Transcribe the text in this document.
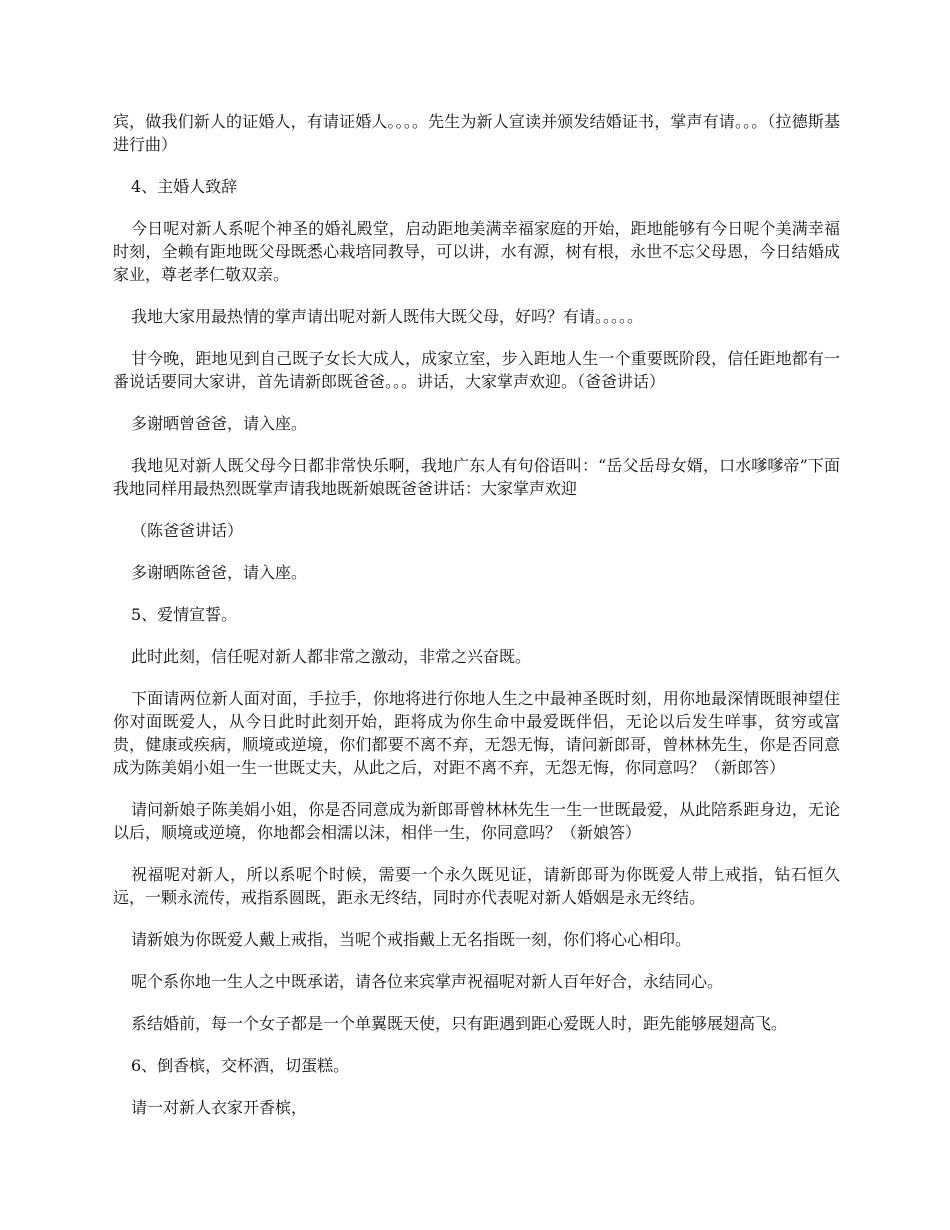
宾，做我们新人的证婚人，有请证婚人。。。。先生为新人宣读并颁发结婚证书，掌声有请。。。（拉德斯基进行曲）

4、主婚人致辞

今日呢对新人系呢个神圣的婚礼殿堂，启动距地美满幸福家庭的开始，距地能够有今日呢个美满幸福时刻，全赖有距地既父母既悉心栽培同教导，可以讲，水有源，树有根，永世不忘父母恩，今日结婚成家业，尊老孝仁敬双亲。

我地大家用最热情的掌声请出呢对新人既伟大既父母，好吗？有请。。。。。

甘今晚，距地见到自己既子女长大成人，成家立室，步入距地人生一个重要既阶段，信任距地都有一番说话要同大家讲，首先请新郎既爸爸。。。讲话，大家掌声欢迎。（爸爸讲话）

多谢晒曾爸爸，请入座。

我地见对新人既父母今日都非常快乐啊，我地广东人有句俗语叫：“岳父岳母女婿，口水嗲嗲帝”下面我地同样用最热烈既掌声请我地既新娘既爸爸讲话：大家掌声欢迎

（陈爸爸讲话）

多谢晒陈爸爸，请入座。

5、爱情宣誓。

此时此刻，信任呢对新人都非常之激动，非常之兴奋既。

下面请两位新人面对面，手拉手，你地将进行你地人生之中最神圣既时刻，用你地最深情既眼神望住你对面既爱人，从今日此时此刻开始，距将成为你生命中最爱既伴侣，无论以后发生咩事，贫穷或富贵，健康或疾病，顺境或逆境，你们都要不离不弃，无怨无悔，请问新郎哥，曾林林先生，你是否同意成为陈美娟小姐一生一世既丈夫，从此之后，对距不离不弃，无怨无悔，你同意吗？（新郎答）

请问新娘子陈美娟小姐，你是否同意成为新郎哥曾林林先生一生一世既最爱，从此陪系距身边，无论以后，顺境或逆境，你地都会相濡以沫，相伴一生，你同意吗？（新娘答）

祝福呢对新人，所以系呢个时候，需要一个永久既见证，请新郎哥为你既爱人带上戒指，钻石恒久远，一颗永流传，戒指系圆既，距永无终结，同时亦代表呢对新人婚姻是永无终结。

请新娘为你既爱人戴上戒指，当呢个戒指戴上无名指既一刻，你们将心心相印。

呢个系你地一生人之中既承诺，请各位来宾掌声祝福呢对新人百年好合，永结同心。

系结婚前，每一个女子都是一个单翼既天使，只有距遇到距心爱既人时，距先能够展翅高飞。

6、倒香槟，交杯酒，切蛋糕。

请一对新人衣家开香槟，
